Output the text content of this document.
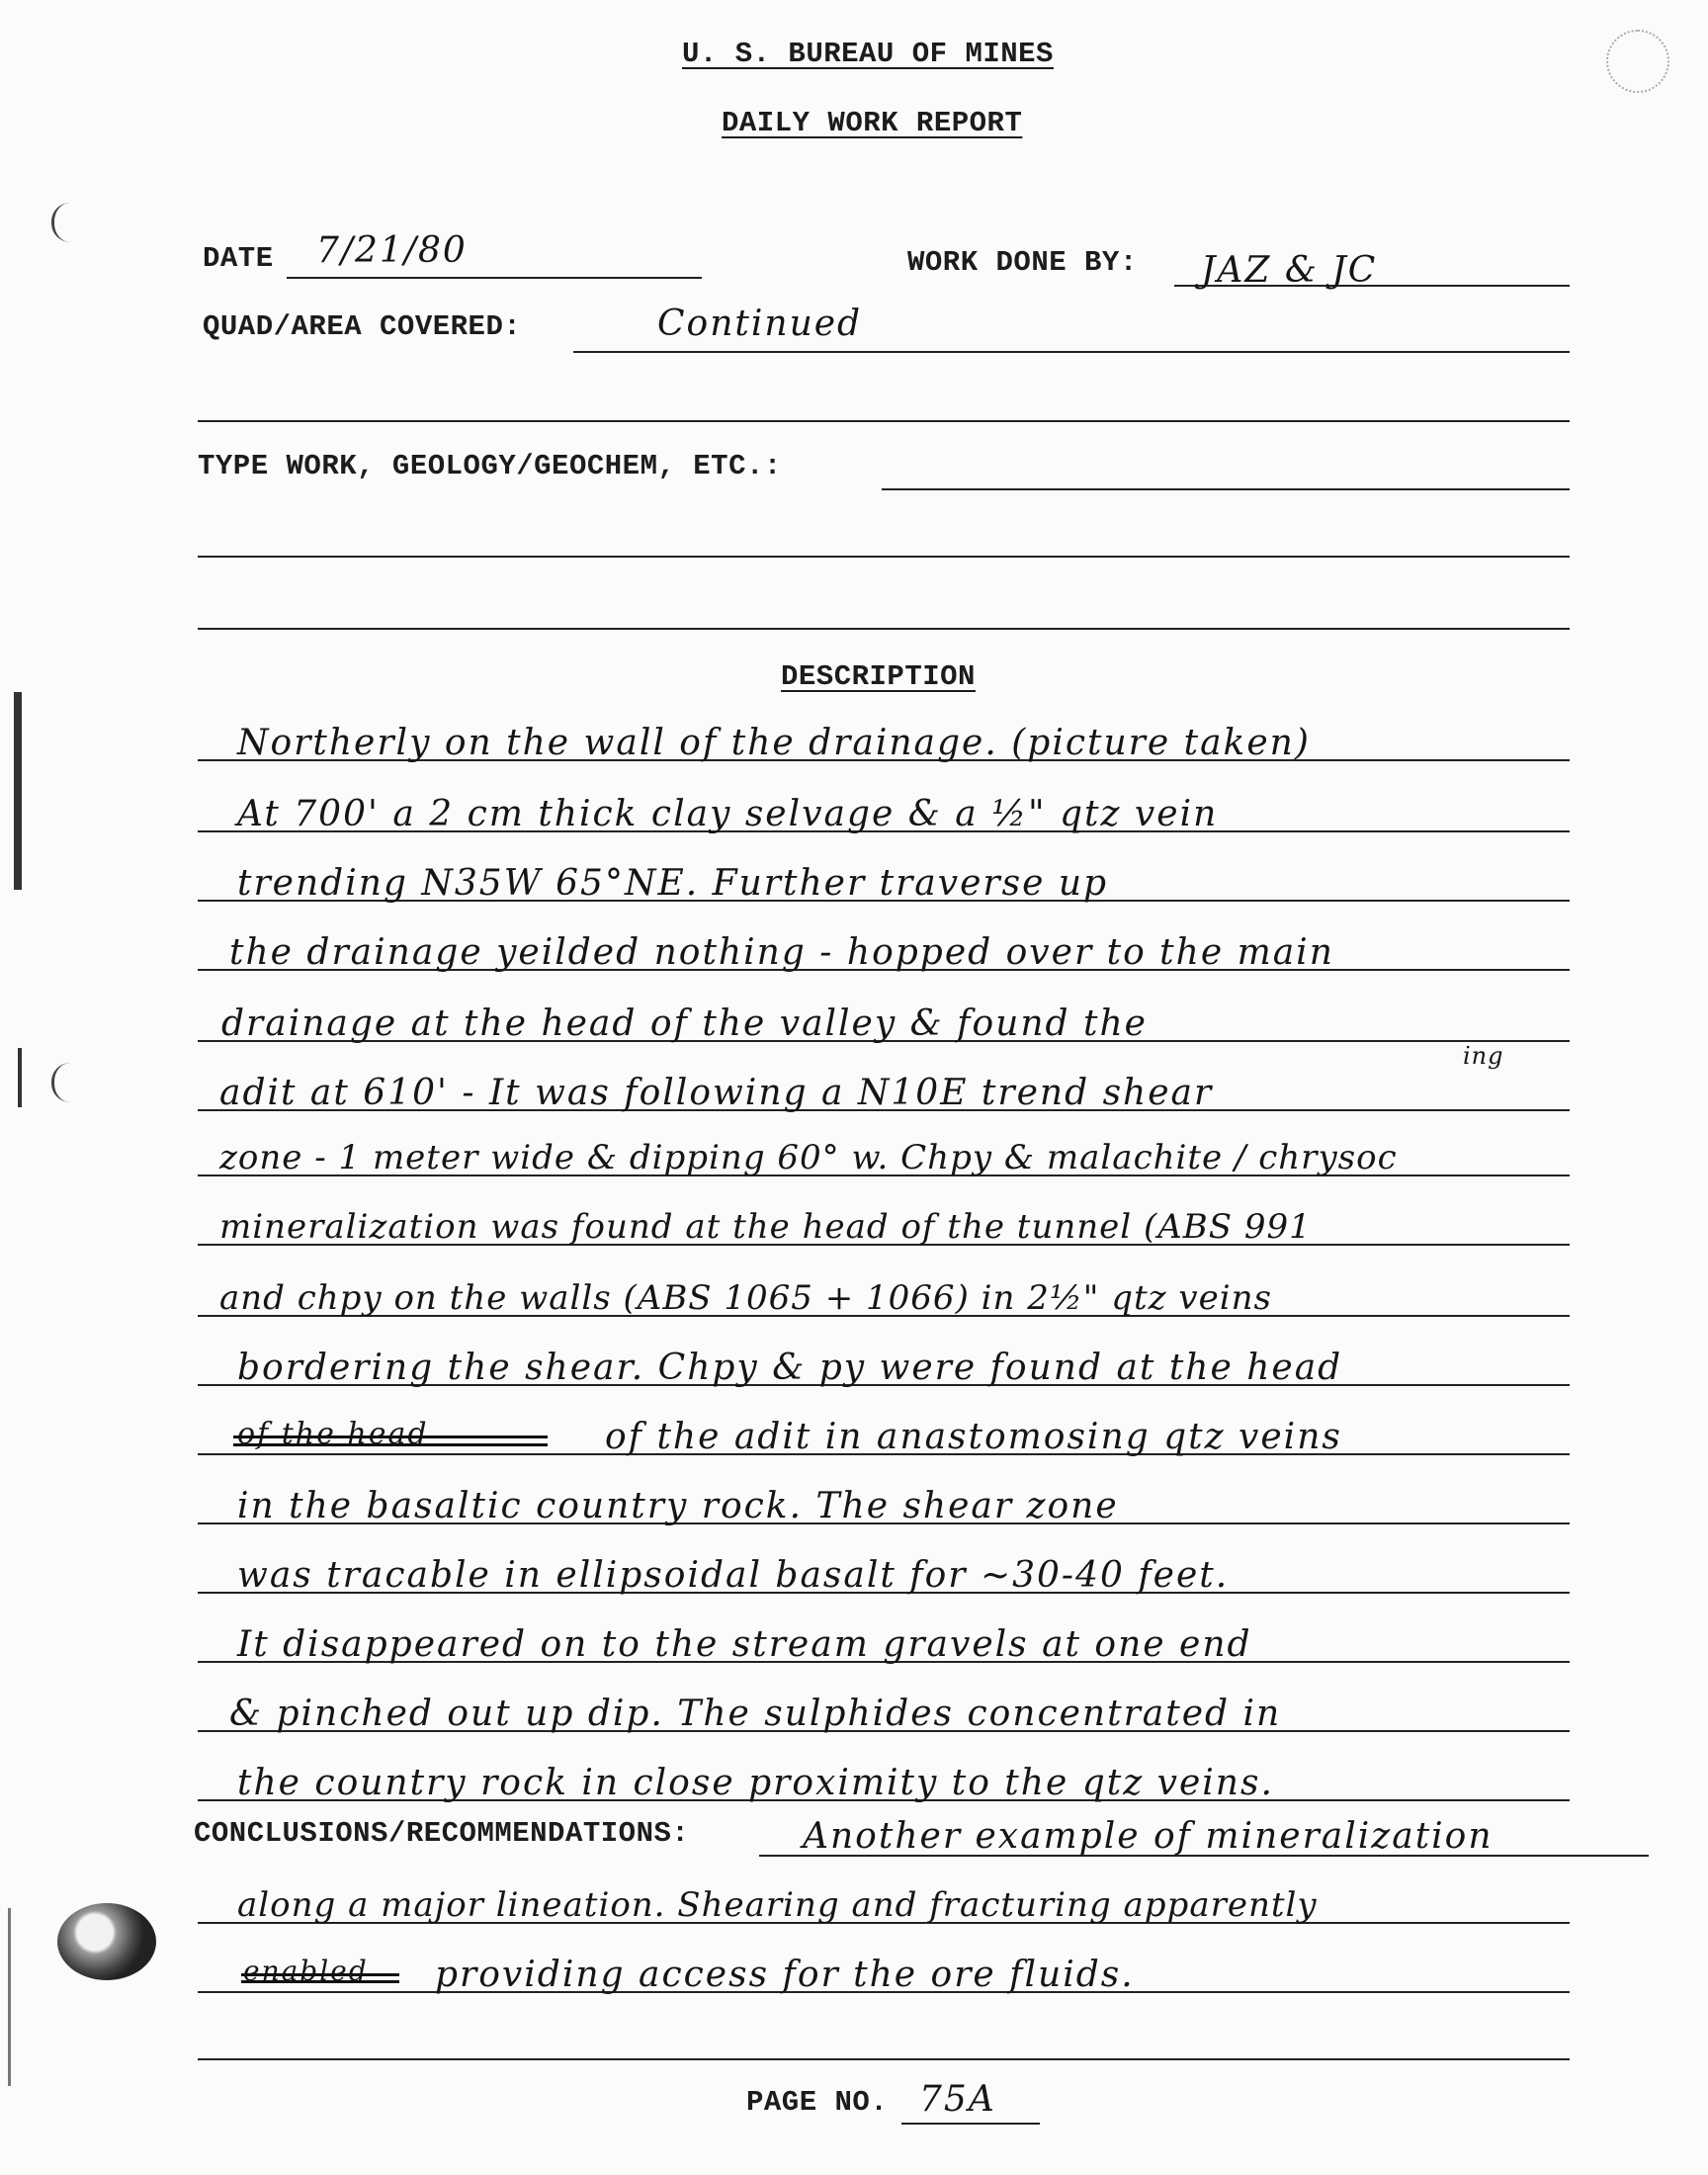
U. S. BUREAU OF MINES
DAILY WORK REPORT
DATE 7/21/80	WORK DONE BY: JAZ & JC
QUAD/AREA COVERED:	Continued
TYPE WORK, GEOLOGY/GEOCHEM, ETC.:
DESCRIPTION
Northerly on the wall of the drainage. (picture taken)
At 700' a 2 cm thick clay selvage & a ½" qtz vein
trending N35W 65°NE. Further traverse up
the drainage yeilded nothing - hopped over to the main
drainage at the head of the valley & found the
ing
adit at 610' - It was following a N10E trend shear
zone - 1 meter wide & dipping 60° w. Chpy & malachite / chrysoc
mineralization was found at the head of the tunnel (ABS 991
and chpy on the walls (ABS 1065 + 1066) in 2½" qtz veins
bordering the shear. Chpy & py were found at the head
of the head	of the adit in anastomosing qtz veins
in the basaltic country rock. The shear zone
was tracable in ellipsoidal basalt for ~30-40 feet.
It disappeared on to the stream gravels at one end
& pinched out up dip. The sulphides concentrated in
the country rock in close proximity to the qtz veins.
CONCLUSIONS/RECOMMENDATIONS:	Another example of mineralization
along a major lineation. Shearing and fracturing apparently
enabled providing access for the ore fluids.
PAGE NO. 75A
